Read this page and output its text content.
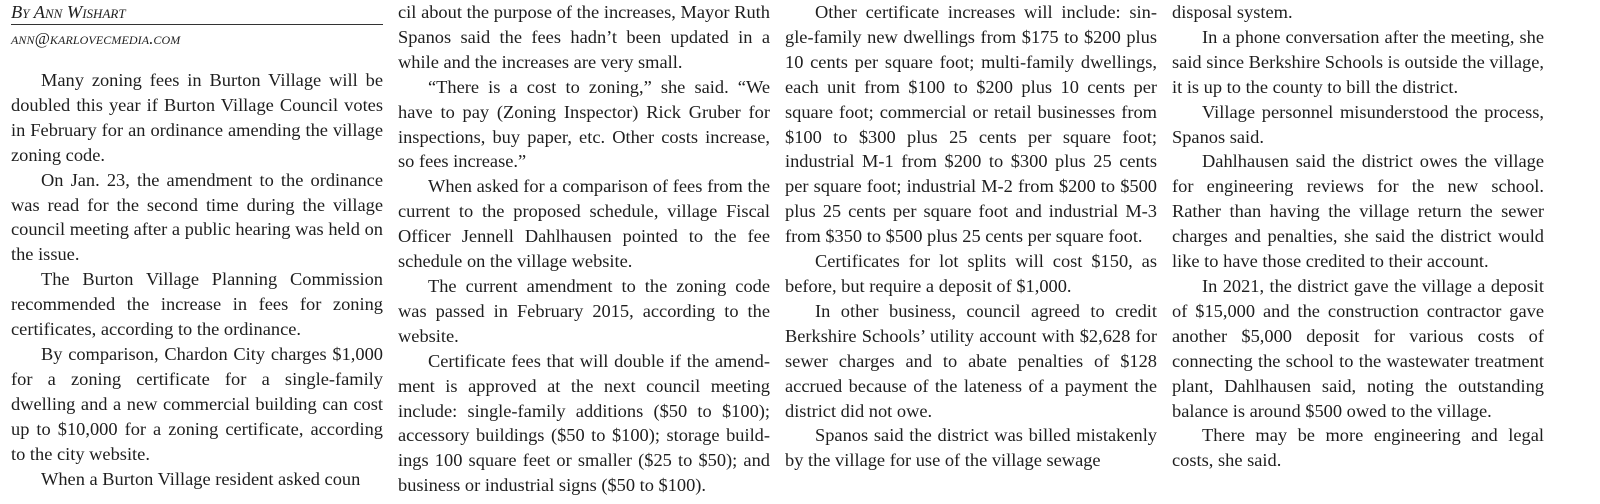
By Ann Wishart
ann@karlovecmedia.com

Many zoning fees in Burton Village will be doubled this year if Burton Village Council votes in February for an ordinance amending the village zoning code.

On Jan. 23, the amendment to the ordinance was read for the second time during the village council meeting after a public hearing was held on the issue.

The Burton Village Planning Commission recommended the increase in fees for zoning certificates, according to the ordinance.

By comparison, Chardon City charges $1,000 for a zoning certificate for a single-family dwelling and a new commercial building can cost up to $10,000 for a zoning certificate, according to the city website.

When a Burton Village resident asked coun

cil about the purpose of the increases, Mayor Ruth Spanos said the fees hadn’t been updated in a while and the increases are very small.

“There is a cost to zoning,” she said. “We have to pay (Zoning Inspector) Rick Gruber for inspections, buy paper, etc. Other costs increase, so fees increase.”

When asked for a comparison of fees from the current to the proposed schedule, village Fiscal Officer Jennell Dahlhausen pointed to the fee schedule on the village website.

The current amendment to the zoning code was passed in February 2015, according to the website.

Certificate fees that will double if the amendment is approved at the next council meeting include: single-family additions ($50 to $100); accessory buildings ($50 to $100); storage buildings 100 square feet or smaller ($25 to $50); and business or industrial signs ($50 to $100).

Other certificate increases will include: single-family new dwellings from $175 to $200 plus 10 cents per square foot; multi-family dwellings, each unit from $100 to $200 plus 10 cents per square foot; commercial or retail businesses from $100 to $300 plus 25 cents per square foot; industrial M-1 from $200 to $300 plus 25 cents per square foot; industrial M-2 from $200 to $500 plus 25 cents per square foot and industrial M-3 from $350 to $500 plus 25 cents per square foot.

Certificates for lot splits will cost $150, as before, but require a deposit of $1,000.

In other business, council agreed to credit Berkshire Schools’ utility account with $2,628 for sewer charges and to abate penalties of $128 accrued because of the lateness of a payment the district did not owe.

Spanos said the district was billed mistakenly by the village for use of the village sewage

disposal system.

In a phone conversation after the meeting, she said since Berkshire Schools is outside the village, it is up to the county to bill the district.

Village personnel misunderstood the process, Spanos said.

Dahlhausen said the district owes the village for engineering reviews for the new school. Rather than having the village return the sewer charges and penalties, she said the district would like to have those credited to their account.

In 2021, the district gave the village a deposit of $15,000 and the construction contractor gave another $5,000 deposit for various costs of connecting the school to the wastewater treatment plant, Dahlhausen said, noting the outstanding balance is around $500 owed to the village.

There may be more engineering and legal costs, she said.
